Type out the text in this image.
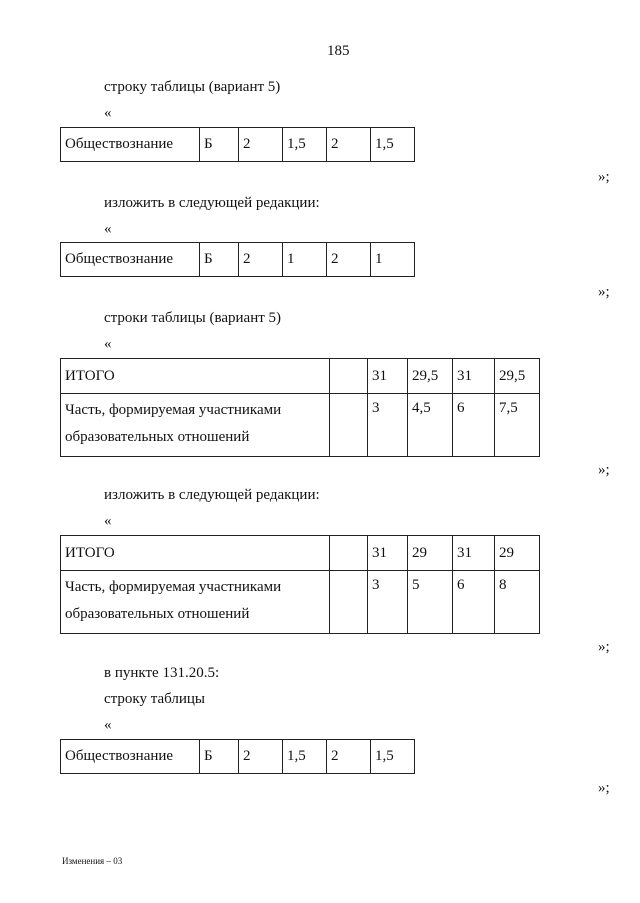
185
строку таблицы (вариант 5)
«
Обществознание	Б	2	1,5	2	1,5
»;
изложить в следующей редакции:
«
Обществознание	Б	2	1	2	1
»;
строки таблицы (вариант 5)
«
ИТОГО		31	29,5	31	29,5
Часть, формируемая участниками образовательных отношений		3	4,5	6	7,5
»;
изложить в следующей редакции:
«
ИТОГО		31	29	31	29
Часть, формируемая участниками образовательных отношений		3	5	6	8
»;
в пункте 131.20.5:
строку таблицы
«
Обществознание	Б	2	1,5	2	1,5
»;
Изменения – 03
